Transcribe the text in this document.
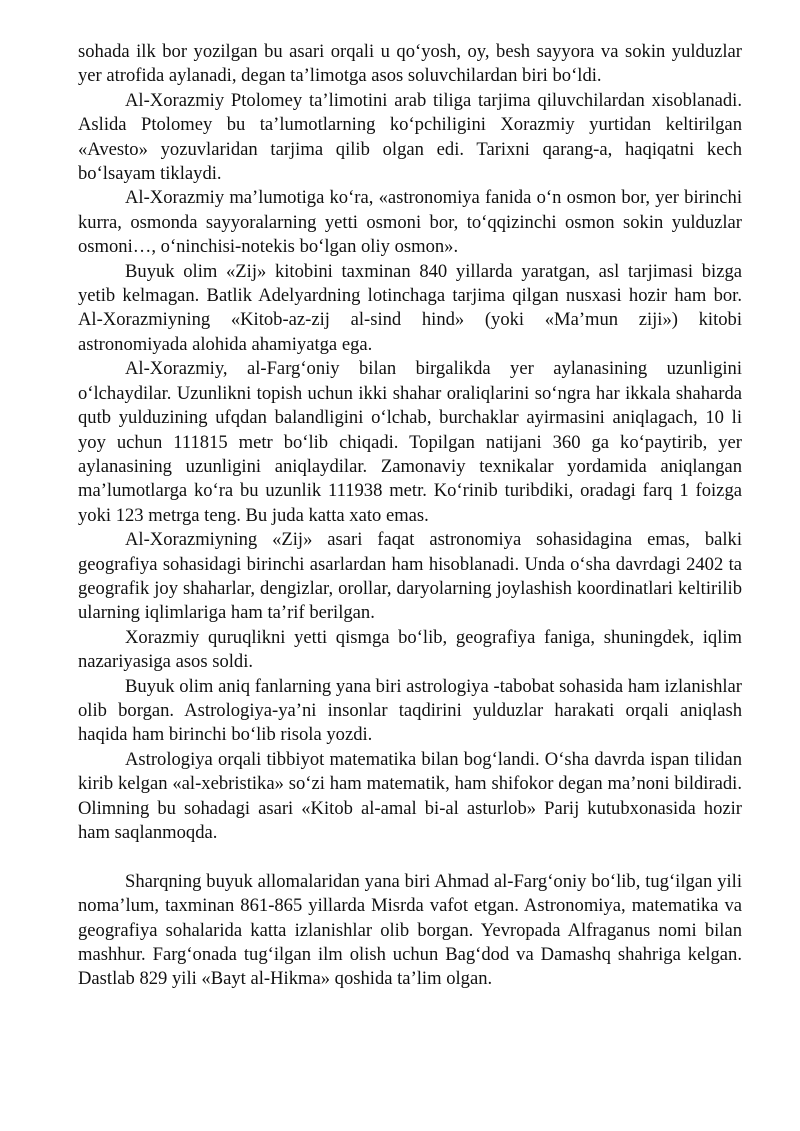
sohada ilk bor yozilgan bu asari orqali u qo‘yosh, oy, besh sayyora va sokin yulduzlar yer atrofida aylanadi, degan ta’limotga asos soluvchilardan biri bo‘ldi.

Al-Xorazmiy Ptolomey ta’limotini arab tiliga tarjima qiluvchilardan xisoblanadi. Aslida Ptolomey bu ta’lumotlarning ko‘pchiligini Xorazmiy yurtidan keltirilgan «Avesto» yozuvlaridan tarjima qilib olgan edi. Tarixni qarang-a, haqiqatni kech bo‘lsayam tiklaydi.

Al-Xorazmiy ma’lumotiga ko‘ra, «astronomiya fanida o‘n osmon bor, yer birinchi kurra, osmonda sayyoralarning yetti osmoni bor, to‘qqizinchi osmon sokin yulduzlar osmoni…, o‘ninchisi-notekis bo‘lgan oliy osmon».

Buyuk olim «Zij» kitobini taxminan 840 yillarda yaratgan, asl tarjimasi bizga yetib kelmagan. Batlik Adelyardning lotinchaga tarjima qilgan nusxasi hozir ham bor. Al-Xorazmiyning «Kitob-az-zij al-sind hind» (yoki «Ma’mun ziji») kitobi astronomiyada alohida ahamiyatga ega.

Al-Xorazmiy, al-Farg‘oniy bilan birgalikda yer aylanasining uzunligini o‘lchaydilar. Uzunlikni topish uchun ikki shahar oraliqlarini so‘ngra har ikkala shaharda qutb yulduzining ufqdan balandligini o‘lchab, burchaklar ayirmasini aniqlagach, 10 li yoy uchun 111815 metr bo‘lib chiqadi. Topilgan natijani 360 ga ko‘paytirib, yer aylanasining uzunligini aniqlaydilar. Zamonaviy texnikalar yordamida aniqlangan ma’lumotlarga ko‘ra bu uzunlik 111938 metr. Ko‘rinib turibdiki, oradagi farq 1 foizga yoki 123 metrga teng. Bu juda katta xato emas.

Al-Xorazmiyning «Zij» asari faqat astronomiya sohasidagina emas, balki geografiya sohasidagi birinchi asarlardan ham hisoblanadi. Unda o‘sha davrdagi 2402 ta geografik joy shaharlar, dengizlar, orollar, daryolarning joylashish koordinatlari keltirilib ularning iqlimlariga ham ta’rif berilgan.

Xorazmiy quruqlikni yetti qismga bo‘lib, geografiya faniga, shuningdek, iqlim nazariyasiga asos soldi.

Buyuk olim aniq fanlarning yana biri astrologiya -tabobat sohasida ham izlanishlar olib borgan. Astrologiya-ya’ni insonlar taqdirini yulduzlar harakati orqali aniqlash haqida ham birinchi bo‘lib risola yozdi.

Astrologiya orqali tibbiyot matematika bilan bog‘landi. O‘sha davrda ispan tilidan kirib kelgan «al-xebristika» so‘zi ham matematik, ham shifokor degan ma’noni bildiradi. Olimning bu sohadagi asari «Kitob al-amal bi-al asturlob» Parij kutubxonasida hozir ham saqlanmoqda.

Sharqning buyuk allomalaridan yana biri Ahmad al-Farg‘oniy bo‘lib, tug‘ilgan yili noma’lum, taxminan 861-865 yillarda Misrda vafot etgan. Astronomiya, matematika va geografiya sohalarida katta izlanishlar olib borgan. Yevropada Alfraganus nomi bilan mashhur. Farg‘onada tug‘ilgan ilm olish uchun Bag‘dod va Damashq shahriga kelgan. Dastlab 829 yili «Bayt al-Hikma» qoshida ta’lim olgan.
